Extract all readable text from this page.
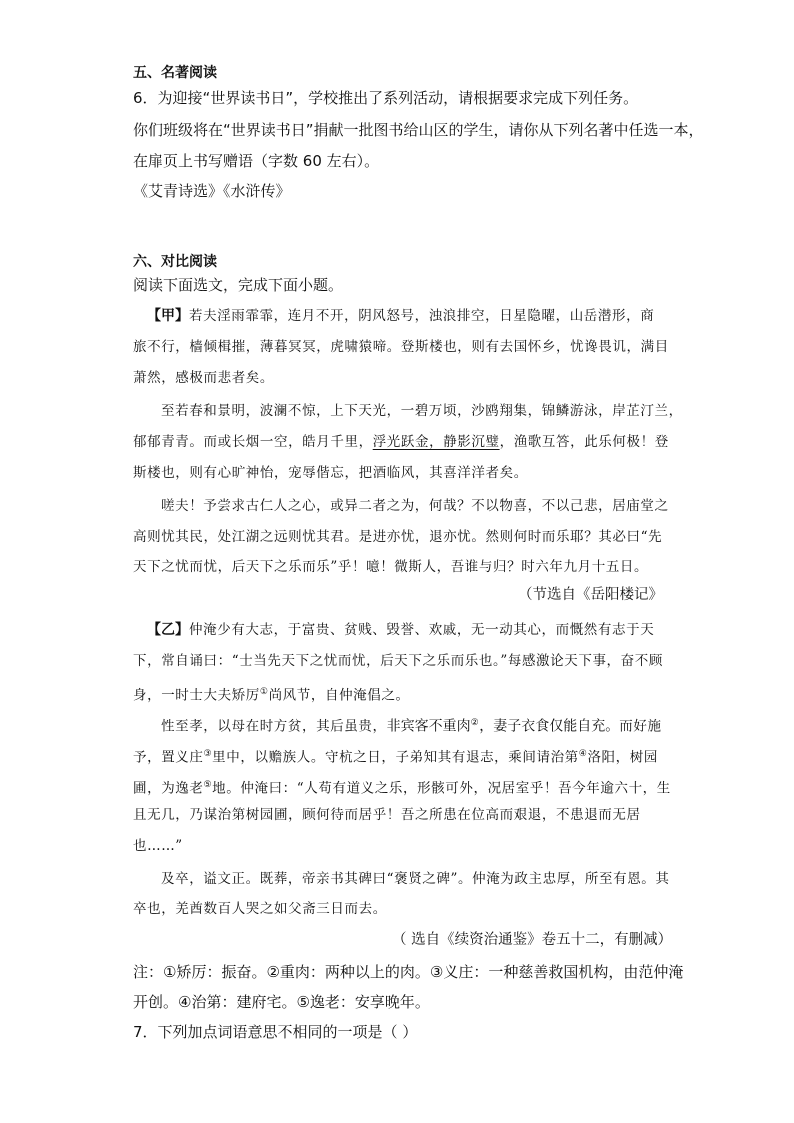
五、名著阅读
6．为迎接“世界读书日”，学校推出了系列活动，请根据要求完成下列任务。
你们班级将在“世界读书日”捐献一批图书给山区的学生，请你从下列名著中任选一本，
在扉页上书写赠语（字数 60 左右）。
《艾青诗选》《水浒传》
六、对比阅读
阅读下面选文，完成下面小题。
【甲】若夫淫雨霏霏，连月不开，阴风怒号，浊浪排空，日星隐曜，山岳潜形，商
旅不行，樯倾楫摧，薄暮冥冥，虎啸猿啼。登斯楼也，则有去国怀乡，忧谗畏讥，满目
萧然，感极而悲者矣。
至若春和景明，波澜不惊，上下天光，一碧万顷，沙鸥翔集，锦鳞游泳，岸芷汀兰，
郁郁青青。而或长烟一空，皓月千里，浮光跃金，静影沉璧，渔歌互答，此乐何极！登
斯楼也，则有心旷神怡，宠辱偕忘，把酒临风，其喜洋洋者矣。
嗟夫！予尝求古仁人之心，或异二者之为，何哉？不以物喜，不以己悲，居庙堂之
高则忧其民，处江湖之远则忧其君。是进亦忧，退亦忧。然则何时而乐耶？其必曰“先
天下之忧而忧，后天下之乐而乐”乎！噫！微斯人，吾谁与归？时六年九月十五日。
（节选自《岳阳楼记》
【乙】仲淹少有大志，于富贵、贫贱、毁誉、欢戚，无一动其心，而慨然有志于天
下，常自诵曰：“士当先天下之忧而忧，后天下之乐而乐也。”每感激论天下事，奋不顾
身，一时士大夫矫厉①尚风节，自仲淹倡之。
性至孝，以母在时方贫，其后虽贵，非宾客不重肉②，妻子衣食仅能自充。而好施
予，置义庄③里中，以赡族人。守杭之日，子弟知其有退志，乘间请治第④洛阳，树园
圃，为逸老⑤地。仲淹曰：“人苟有道义之乐，形骸可外，况居室乎！吾今年逾六十，生
且无几，乃谋治第树园圃，顾何待而居乎！吾之所患在位高而艰退，不患退而无居
也……”
及卒，谥文正。既葬，帝亲书其碑曰“褒贤之碑”。仲淹为政主忠厚，所至有恩。其
卒也，羌酋数百人哭之如父斋三日而去。
（ 选自《续资治通鉴》卷五十二，有删减）
注：①矫厉：振奋。②重肉：两种以上的肉。③义庄：一种慈善救国机构，由范仲淹
开创。④治第：建府宅。⑤逸老：安享晚年。
7．下列加点词语意思不相同的一项是（ ）
